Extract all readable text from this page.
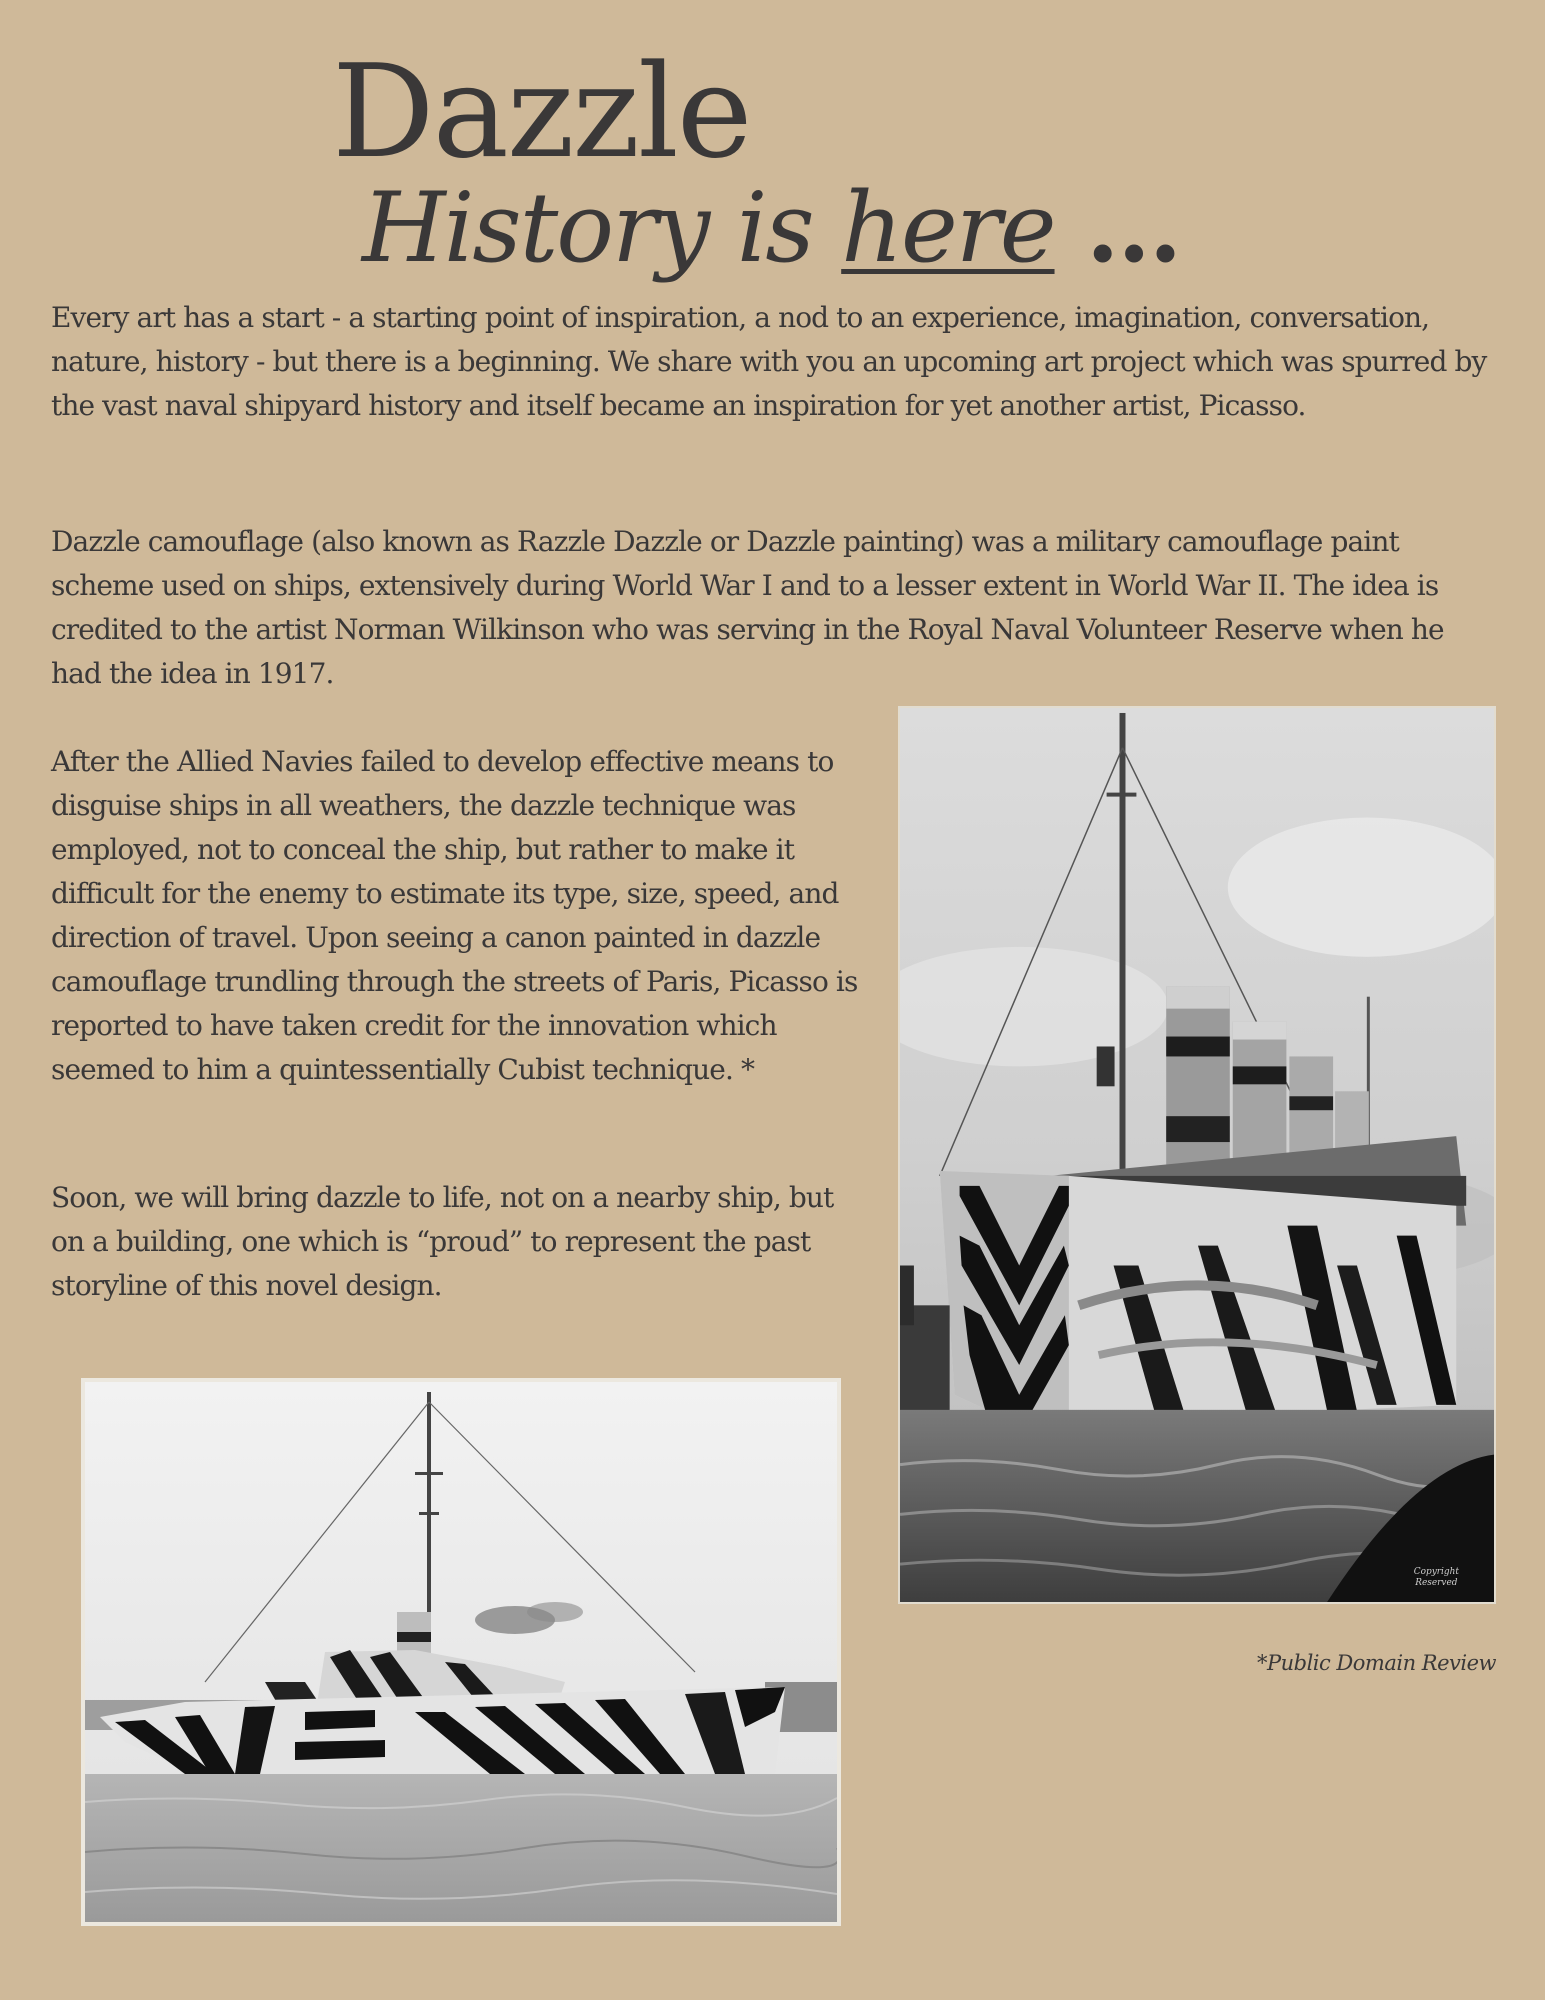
Dazzle
History is here ...

Every art has a start - a starting point of inspiration, a nod to an experience, imagination, conversation, nature, history - but there is a beginning. We share with you an upcoming art project which was spurred by the vast naval shipyard history and itself became an inspiration for yet another artist, Picasso.

Dazzle camouflage (also known as Razzle Dazzle or Dazzle painting) was a military camouflage paint scheme used on ships, extensively during World War I and to a lesser extent in World War II. The idea is credited to the artist Norman Wilkinson who was serving in the Royal Naval Volunteer Reserve when he had the idea in 1917.

After the Allied Navies failed to develop effective means to disguise ships in all weathers, the dazzle technique was employed, not to conceal the ship, but rather to make it difficult for the enemy to estimate its type, size, speed, and direction of travel. Upon seeing a canon painted in dazzle camouflage trundling through the streets of Paris, Picasso is reported to have taken credit for the innovation which seemed to him a quintessentially Cubist technique. *

Soon, we will bring dazzle to life, not on a nearby ship, but on a building, one which is “proud” to represent the past storyline of this novel design.

Copyright
Reserved

*Public Domain Review
